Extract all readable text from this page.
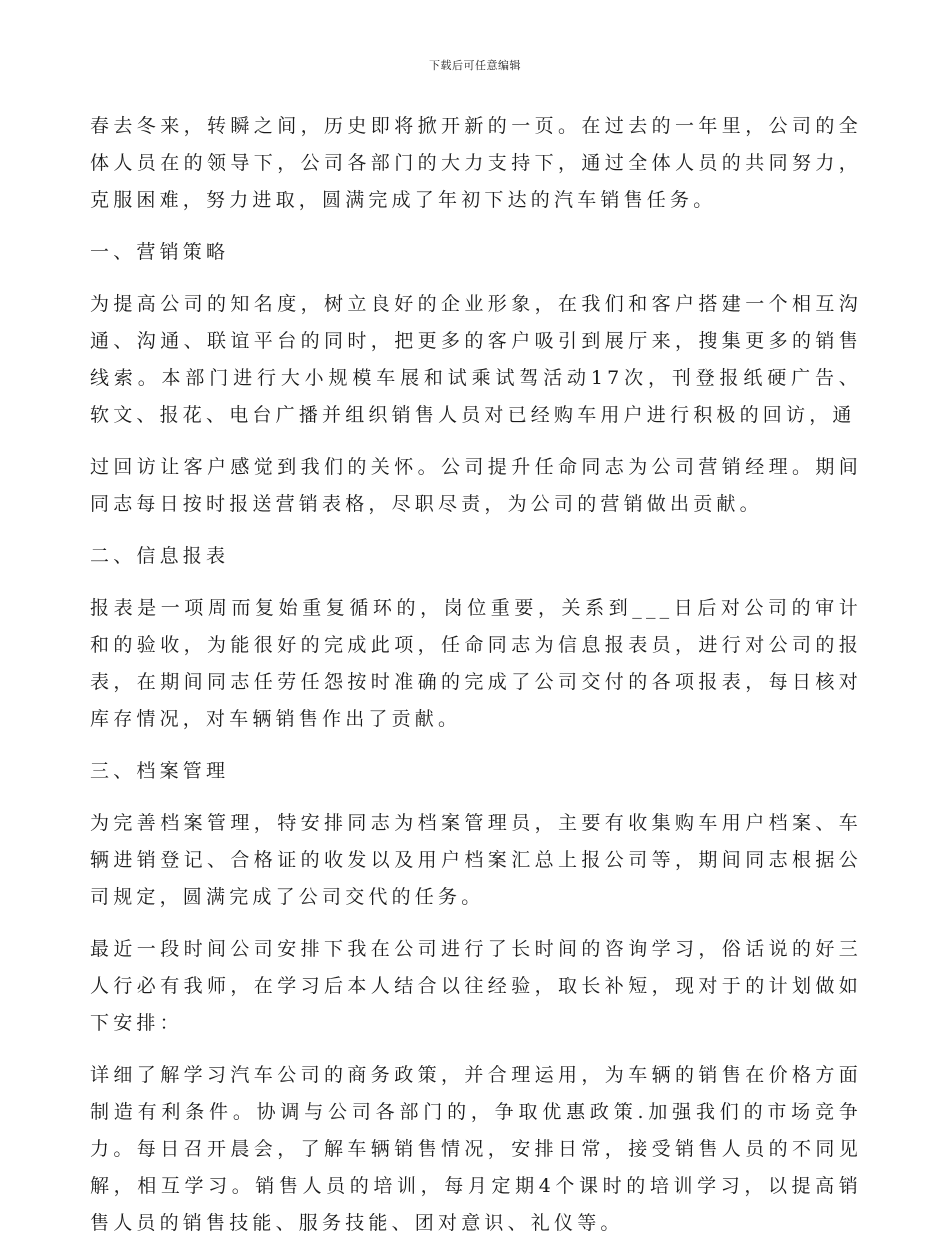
下载后可任意编辑

春去冬来，转瞬之间，历史即将掀开新的一页。在过去的一年里，公司的全体人员在的领导下，公司各部门的大力支持下，通过全体人员的共同努力，克服困难，努力进取，圆满完成了年初下达的汽车销售任务。

一、营销策略

为提高公司的知名度，树立良好的企业形象，在我们和客户搭建一个相互沟通、沟通、联谊平台的同时，把更多的客户吸引到展厅来，搜集更多的销售线索。本部门进行大小规模车展和试乘试驾活动17次，刊登报纸硬广告、软文、报花、电台广播并组织销售人员对已经购车用户进行积极的回访，通

过回访让客户感觉到我们的关怀。公司提升任命同志为公司营销经理。期间同志每日按时报送营销表格，尽职尽责，为公司的营销做出贡献。

二、信息报表

报表是一项周而复始重复循环的，岗位重要，关系到___日后对公司的审计和的验收，为能很好的完成此项，任命同志为信息报表员，进行对公司的报表，在期间同志任劳任怨按时准确的完成了公司交付的各项报表，每日核对库存情况，对车辆销售作出了贡献。

三、档案管理

为完善档案管理，特安排同志为档案管理员，主要有收集购车用户档案、车辆进销登记、合格证的收发以及用户档案汇总上报公司等，期间同志根据公司规定，圆满完成了公司交代的任务。

最近一段时间公司安排下我在公司进行了长时间的咨询学习，俗话说的好三人行必有我师，在学习后本人结合以往经验，取长补短，现对于的计划做如下安排：

详细了解学习汽车公司的商务政策，并合理运用，为车辆的销售在价格方面制造有利条件。协调与公司各部门的，争取优惠政策.加强我们的市场竞争力。每日召开晨会，了解车辆销售情况，安排日常，接受销售人员的不同见解，相互学习。销售人员的培训，每月定期4个课时的培训学习，以提高销售人员的销售技能、服务技能、团对意识、礼仪等。
